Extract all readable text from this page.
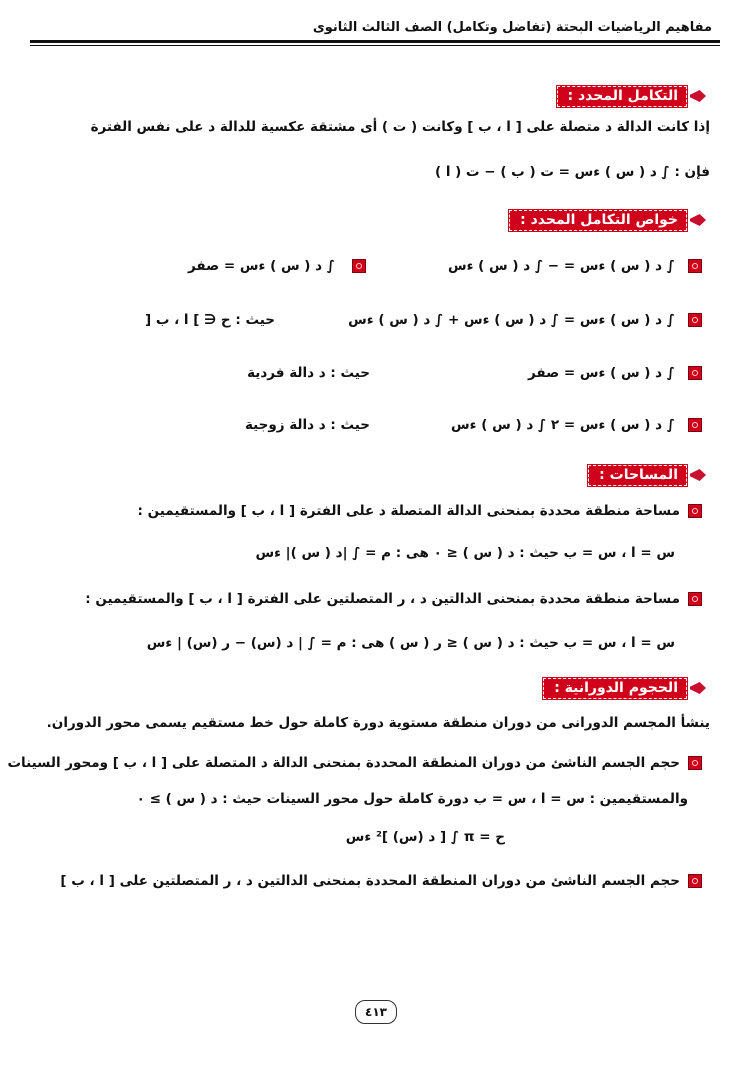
مفاهيم الرياضيات البحتة (تفاضل وتكامل) الصف الثالث الثانوى
التكامل المحدد :
إذا كانت الدالة د متصلة على [ ا ، ب ] وكانت ( ت ) أى مشتقة عكسية للدالة د على نفس الفترة
فإن : ∫ د ( س ) ءس = ت ( ب ) − ت ( ا )
خواص التكامل المحدد :
∫ د ( س ) ءس = − ∫ د ( س ) ءس
∫ د ( س ) ءس = صفر
∫ د ( س ) ءس = ∫ د ( س ) ءس + ∫ د ( س ) ءس
حيث : ح ∈ ] ا ، ب [
∫ د ( س ) ءس = صفر
حيث : د دالة فردية
∫ د ( س ) ءس = ٢ ∫ د ( س ) ءس
حيث : د دالة زوجية
المساحات :
مساحة منطقة محددة بمنحنى الدالة المتصلة د على الفترة [ ا ، ب ] والمستقيمين :
س = ا ، س = ب حيث : د ( س ) ≤ ٠ هى : م = ∫ |د ( س )| ءس
مساحة منطقة محددة بمنحنى الدالتين د ، ر المتصلتين على الفترة [ ا ، ب ] والمستقيمين :
س = ا ، س = ب حيث : د ( س ) ≤ ر ( س ) هى : م = ∫ | د (س) − ر (س) | ءس
الحجوم الدورانية :
ينشأ المجسم الدورانى من دوران منطقة مستوية دورة كاملة حول خط مستقيم يسمى محور الدوران.
حجم الجسم الناشئ من دوران المنطقة المحددة بمنحنى الدالة د المتصلة على [ ا ، ب ] ومحور السينات
والمستقيمين : س = ا ، س = ب دورة كاملة حول محور السينات حيث : د ( س ) ≥ ٠
ح = π ∫ [ د (س) ]² ءس
حجم الجسم الناشئ من دوران المنطقة المحددة بمنحنى الدالتين د ، ر المتصلتين على [ ا ، ب ]
٤١٣
